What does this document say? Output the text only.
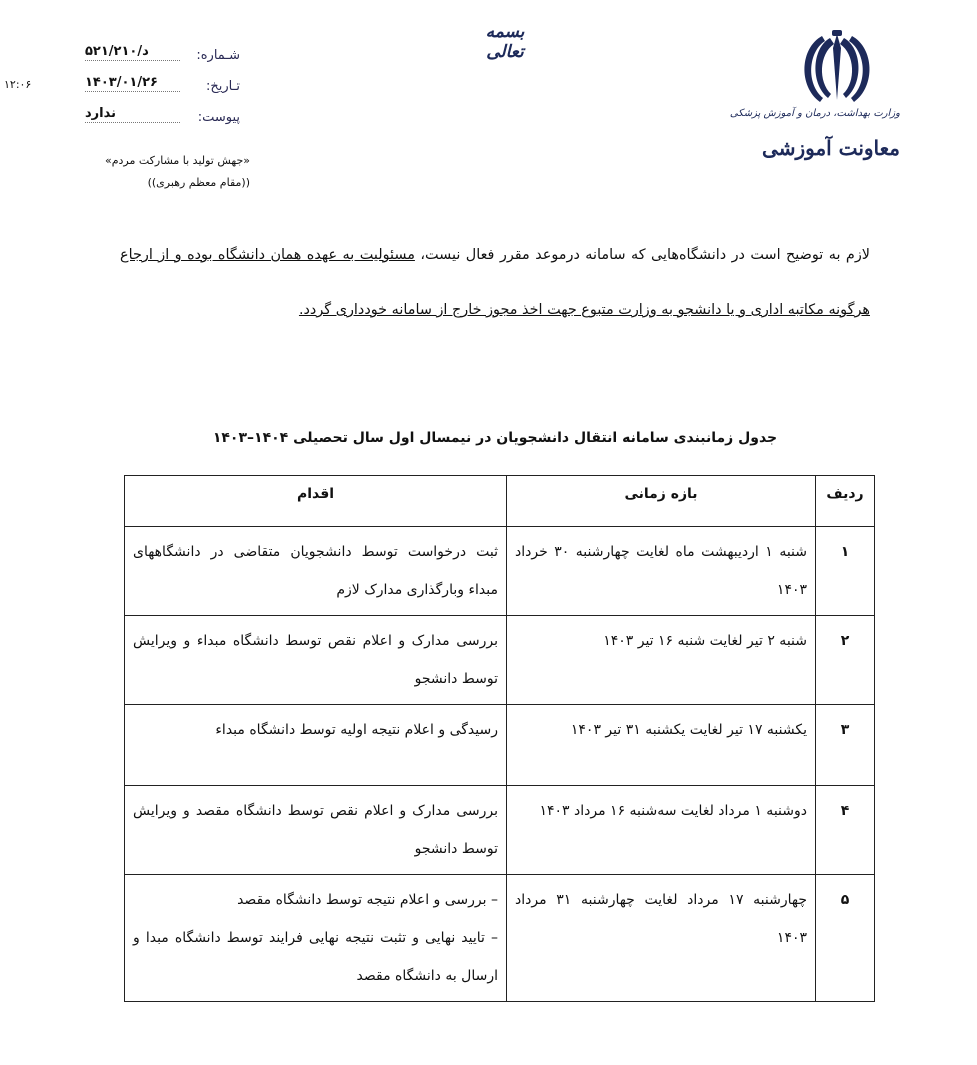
بسمه تعالی
وزارت بهداشت، درمان و آموزش پزشکی
معاونت آموزشی
شـماره:
د/۵۲۱/۲۱۰
تـاریخ:
۱۴۰۳/۰۱/۲۶
پیوست:
ندارد
۱۲:۰۶
«جهش تولید با مشارکت مردم»
((مقام معظم رهبری))
لازم به توضیح است در دانشگاه‌هایی که سامانه درموعد مقرر فعال نیست، مسئولیت به عهده همان دانشگاه بوده و از ارجاع هرگونه مکاتبه اداری و یا دانشجو به وزارت متبوع جهت اخذ مجوز خارج از سامانه خودداری گردد.
جدول زمانبندی سامانه انتقال دانشجویان در نیمسال اول سال تحصیلی ۱۴۰۴–۱۴۰۳
ردیف	بازه زمانی	اقدام
۱	شنبه ۱ اردیبهشت ماه لغایت چهارشنبه ۳۰ خرداد ۱۴۰۳	ثبت درخواست توسط دانشجویان متقاضی در دانشگاههای مبداء وبارگذاری مدارک لازم
۲	شنبه ۲ تیر لغایت شنبه ۱۶ تیر ۱۴۰۳	بررسی مدارک و اعلام نقص توسط دانشگاه مبداء و ویرایش توسط دانشجو
۳	یکشنبه ۱۷ تیر لغایت یکشنبه ۳۱ تیر ۱۴۰۳	رسیدگی و اعلام نتیجه اولیه توسط دانشگاه مبداء
۴	دوشنبه ۱ مرداد لغایت سه‌شنبه ۱۶ مرداد ۱۴۰۳	بررسی مدارک و اعلام نقص توسط دانشگاه مقصد و ویرایش توسط دانشجو
۵	چهارشنبه ۱۷ مرداد لغایت چهارشنبه ۳۱ مرداد ۱۴۰۳	– بررسی و اعلام نتیجه توسط دانشگاه مقصد
– تایید نهایی و تثبت نتیجه نهایی فرایند توسط دانشگاه مبدا و ارسال به دانشگاه مقصد
